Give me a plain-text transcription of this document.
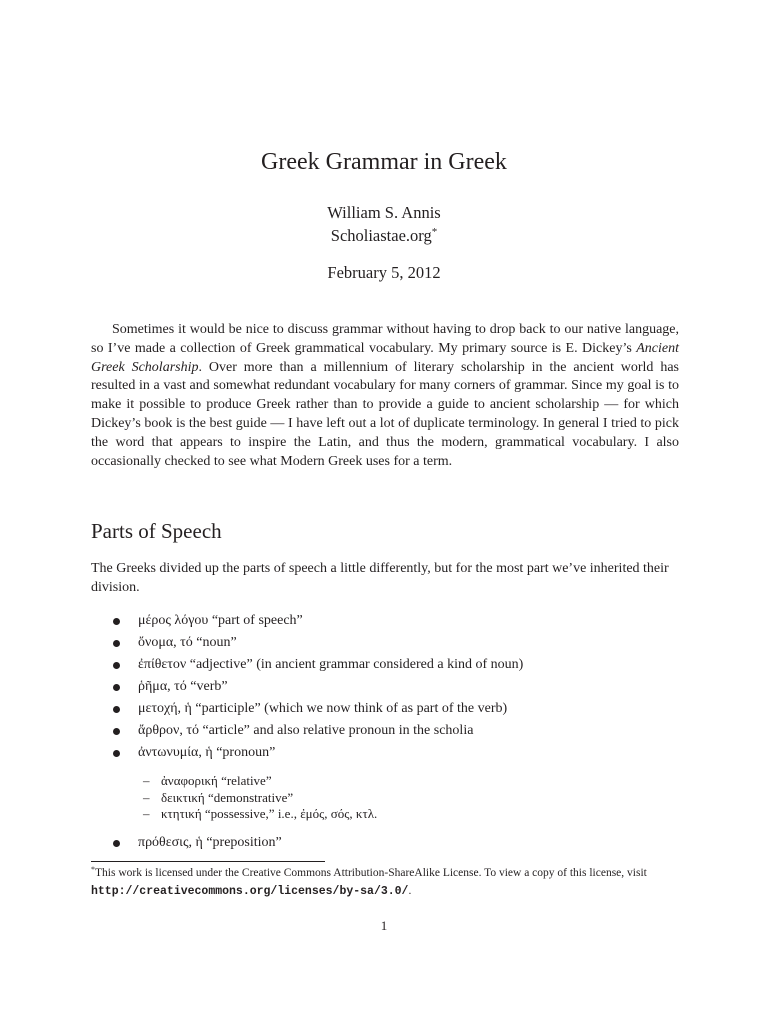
Greek Grammar in Greek
William S. Annis
Scholiastae.org*
February 5, 2012

Sometimes it would be nice to discuss grammar without having to drop back to our native language, so I’ve made a collection of Greek grammatical vocabulary. My primary source is E. Dickey’s Ancient Greek Scholarship. Over more than a millennium of literary scholarship in the ancient world has resulted in a vast and somewhat redundant vocabulary for many corners of grammar. Since my goal is to make it possible to produce Greek rather than to provide a guide to ancient scholarship — for which Dickey’s book is the best guide — I have left out a lot of duplicate terminology. In general I tried to pick the word that appears to inspire the Latin, and thus the modern, grammatical vocabulary. I also occasionally checked to see what Modern Greek uses for a term.

Parts of Speech
The Greeks divided up the parts of speech a little differently, but for the most part we’ve inherited their division.
μέρος λόγου “part of speech”
ὄνομα, τό “noun”
ἐπίθετον “adjective” (in ancient grammar considered a kind of noun)
ῥῆμα, τό “verb”
μετοχή, ἡ “participle” (which we now think of as part of the verb)
ἄρθρον, τό “article” and also relative pronoun in the scholia
ἀντωνυμία, ἡ “pronoun”
– ἀναφορική “relative”
– δεικτική “demonstrative”
– κτητική “possessive,” i.e., ἐμός, σός, κτλ.
πρόθεσις, ἡ “preposition”
*This work is licensed under the Creative Commons Attribution-ShareAlike License. To view a copy of this license, visit http://creativecommons.org/licenses/by-sa/3.0/.
1
